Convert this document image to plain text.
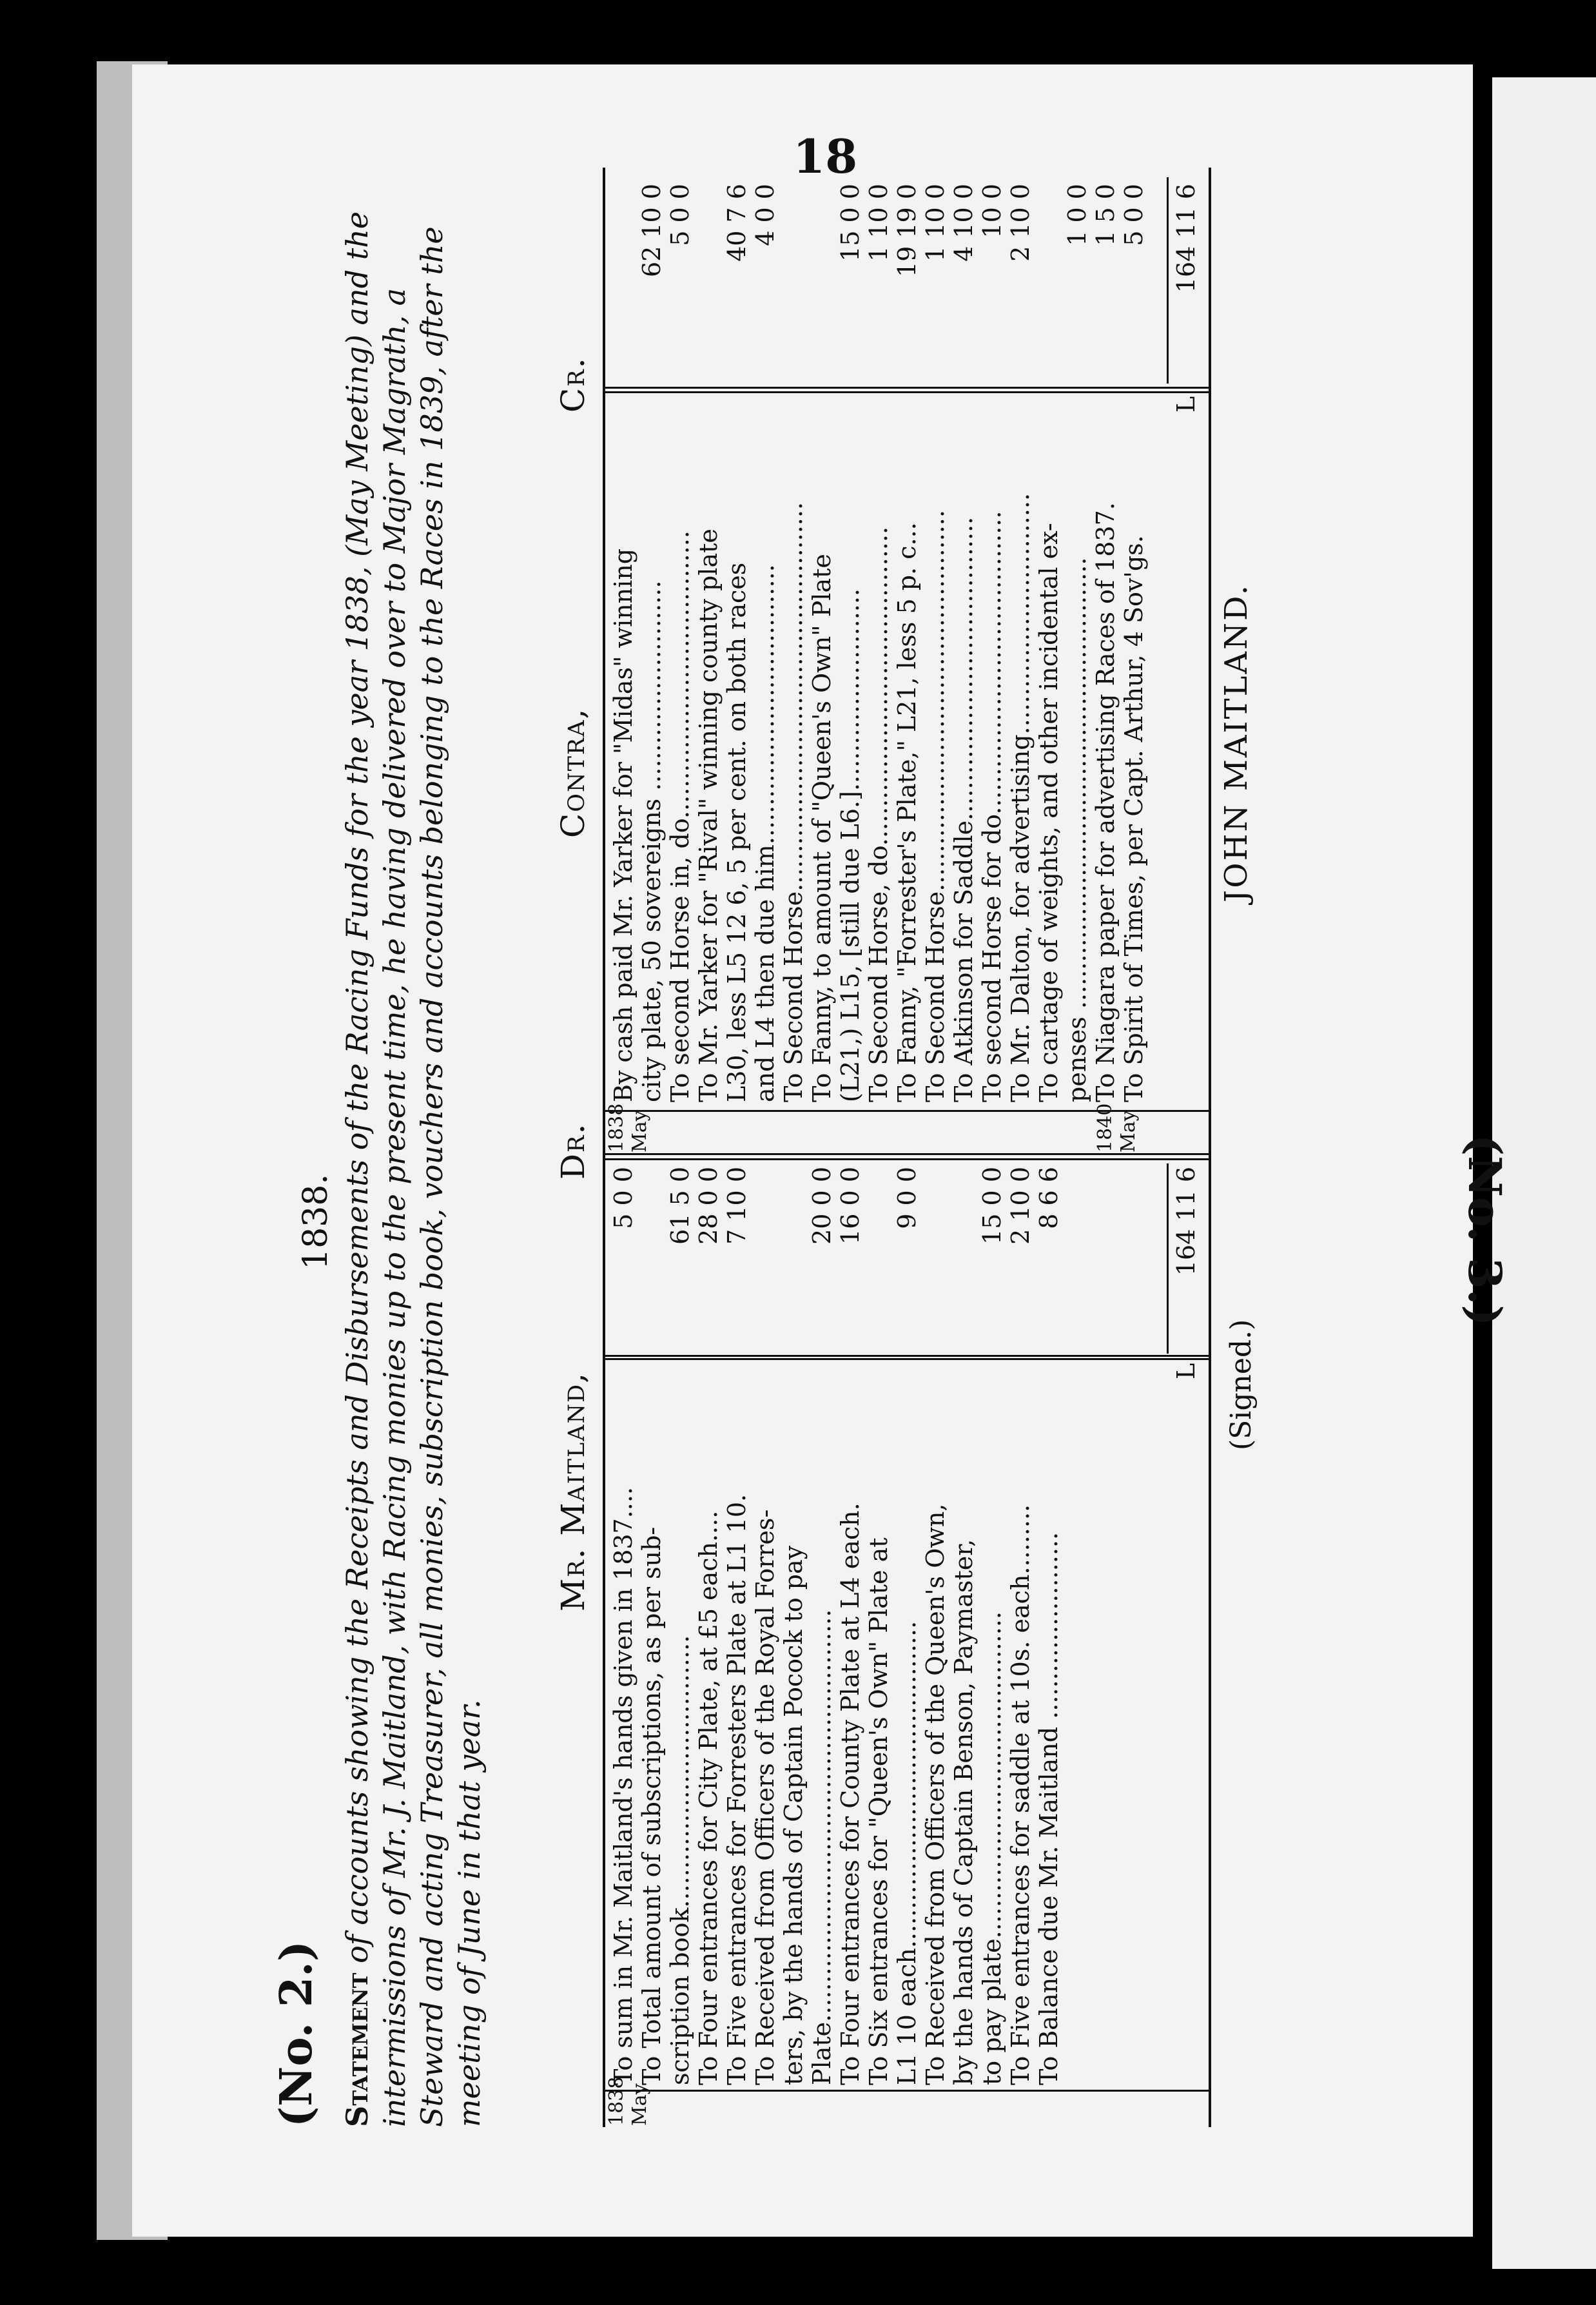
18
(No. 3.)
(No. 2.)
1838.
Statement of accounts showing the Receipts and Disbursements of the Racing Funds for the year 1838, (May Meeting) and the intermissions of Mr. J. Maitland, with Racing monies up to the present time, he having delivered over to Major Magrath, a Steward and acting Treasurer, all monies, subscription book, vouchers and accounts belonging to the Races in 1839, after the meeting of June in that year.
Mr. Maitland,
Dr.
Contra,
Cr.
1838 May
1838 May	1840 May
To sum in Mr. Maitland's hands given in 1837....
5 0 0
To Total amount of subscriptions, as per sub- scription book...................................
61 5 0
To Four entrances for City Plate, at £5 each....
28 0 0
To Five entrances for Forresters Plate at L1 10.
7 10 0
To Received from Officers of the Royal Forres- ters, by the hands of Captain Pocock to pay Plate.....................................................
20 0 0
To Four entrances for County Plate at L4 each.
16 0 0
To Six entrances for "Queen's Own" Plate at L1 10 each..........................................
9 0 0
To Received from Officers of the Queen's Own, by the hands of Captain Benson, Paymaster, to pay plate..........................................
15 0 0
To Five entrances for saddle at 10s. each.........
2 10 0
To Balance due Mr. Maitland ........................
8 6 6
L
164 11 6
By cash paid Mr. Yarker for "Midas" winning city plate, 50 sovereigns ...........................
62 10 0
To second Horse in, do.....................................
5 0 0
To Mr. Yarker for "Rival" winning county plate L30, less L5 12 6, 5 per cent. on both races
40 7 6
and L4 then due him....................................
4 0 0
To Second Horse.................................................. To Fanny, to amount of "Queen's Own" Plate (L21,) L15, [still due L6.]..........................
15 0 0
To Second Horse, do.........................................
1 10 0
To Fanny, "Forrester's Plate," L21, less 5 p. c...
19 19 0
To Second Horse.................................................
1 10 0
To Atkinson for Saddle.......................................
4 10 0
To second Horse for do.......................................
10 0
To Mr. Dalton, for advertising...............................
2 10 0
To cartage of weights, and other incidental ex- penses ..........................................................
1 0 0
To Niagara paper for advertising Races of 1837.
1 5 0
To Spirit of Times, per Capt. Arthur, 4 Sov'gs.
5 0 0
L
164 11 6
(Signed.)
JOHN MAITLAND.
